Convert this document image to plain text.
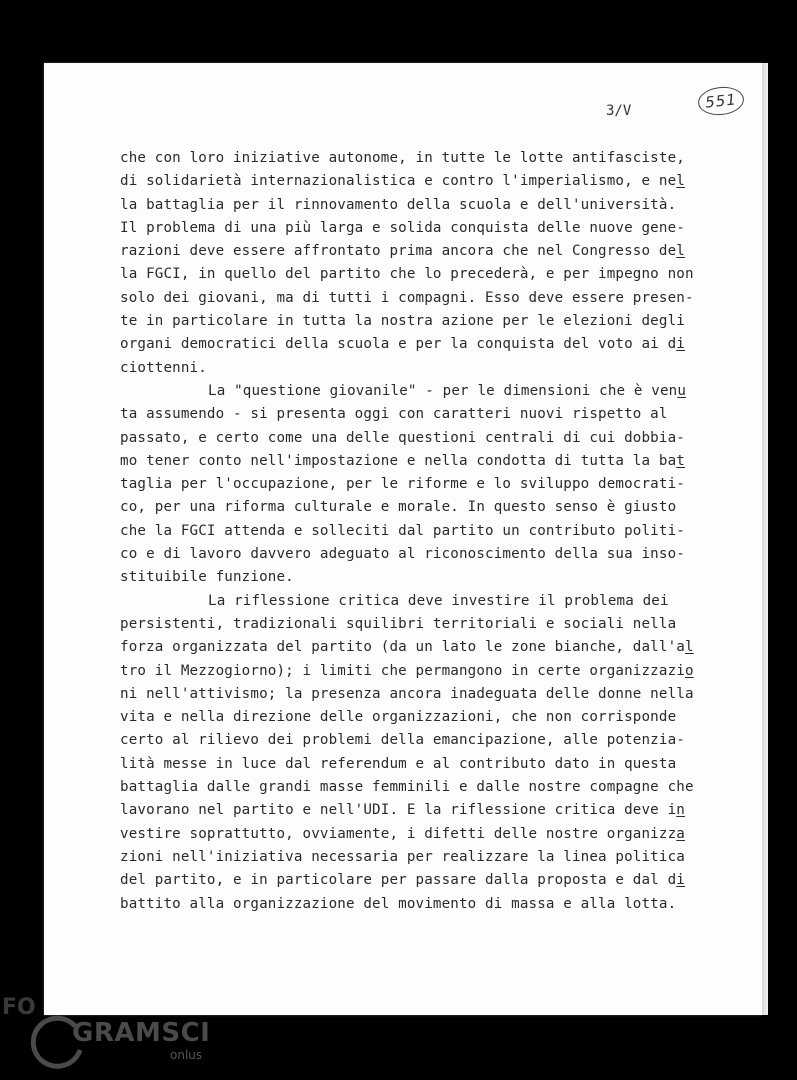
3/V	551
che con loro iniziative autonome, in tutte le lotte antifasciste,
di solidarietà internazionalistica e contro l'imperialismo, e nel
la battaglia per il rinnovamento della scuola e dell'università.
Il problema di una più larga e solida conquista delle nuove gene-
razioni deve essere affrontato prima ancora che nel Congresso del
la FGCI, in quello del partito che lo precederà, e per impegno non
solo dei giovani, ma di tutti i compagni. Esso deve essere presen-
te in particolare in tutta la nostra azione per le elezioni degli
organi democratici della scuola e per la conquista del voto ai di
ciottenni.
La "questione giovanile" - per le dimensioni che è venu
ta assumendo - si presenta oggi con caratteri nuovi rispetto al
passato, e certo come una delle questioni centrali di cui dobbia-
mo tener conto nell'impostazione e nella condotta di tutta la bat
taglia per l'occupazione, per le riforme e lo sviluppo democrati-
co, per una riforma culturale e morale. In questo senso è giusto
che la FGCI attenda e solleciti dal partito un contributo politi-
co e di lavoro davvero adeguato al riconoscimento della sua inso-
stituibile funzione.
La riflessione critica deve investire il problema dei
persistenti, tradizionali squilibri territoriali e sociali nella
forza organizzata del partito (da un lato le zone bianche, dall'al
tro il Mezzogiorno); i limiti che permangono in certe organizzazio
ni nell'attivismo; la presenza ancora inadeguata delle donne nella
vita e nella direzione delle organizzazioni, che non corrisponde
certo al rilievo dei problemi della emancipazione, alle potenzia-
lità messe in luce dal referendum e al contributo dato in questa
battaglia dalle grandi masse femminili e dalle nostre compagne che
lavorano nel partito e nell'UDI. E la riflessione critica deve in
vestire soprattutto, ovviamente, i difetti delle nostre organizza
zioni nell'iniziativa necessaria per realizzare la linea politica
del partito, e in particolare per passare dalla proposta e dal di
battito alla organizzazione del movimento di massa e alla lotta.
FO
GRAMSCI
onlus
